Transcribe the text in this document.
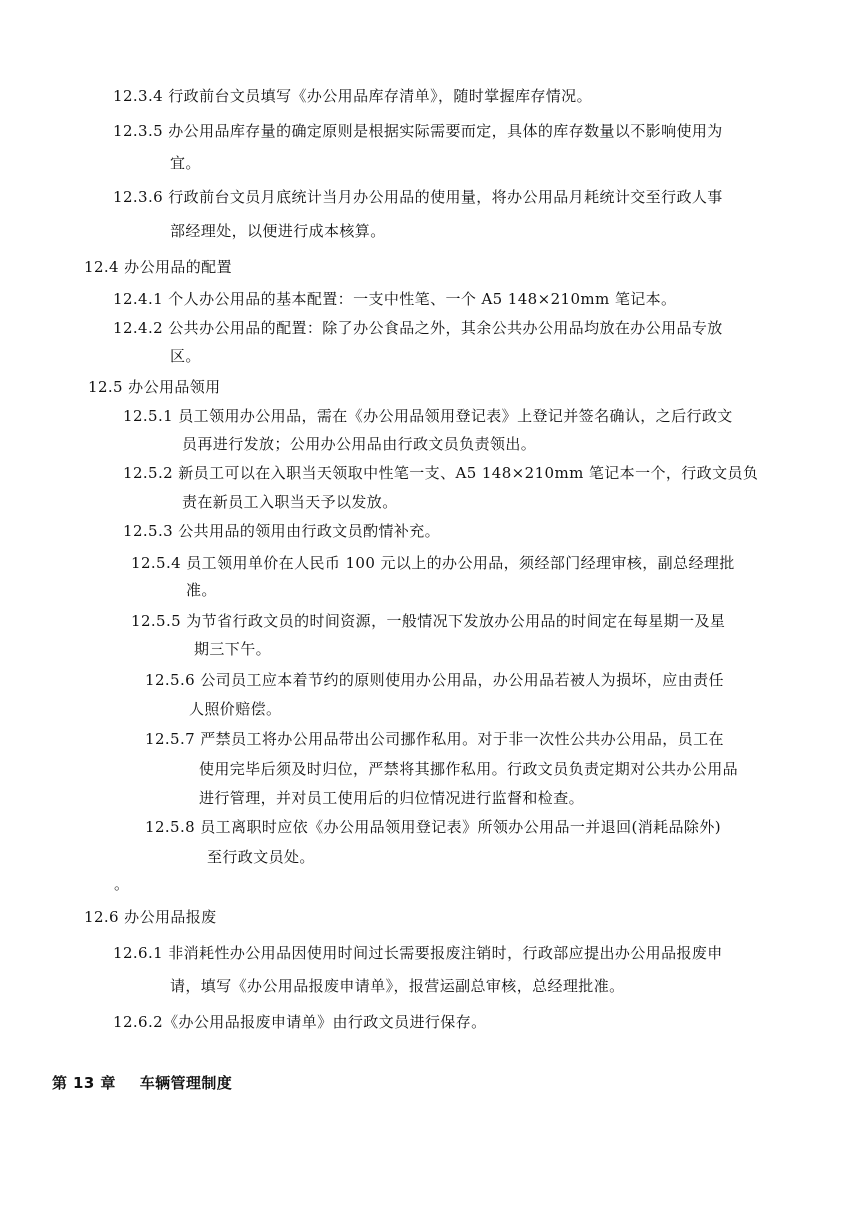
12.3.4 行政前台文员填写《办公用品库存清单》，随时掌握库存情况。
12.3.5 办公用品库存量的确定原则是根据实际需要而定，具体的库存数量以不影响使用为
宜。
12.3.6 行政前台文员月底统计当月办公用品的使用量，将办公用品月耗统计交至行政人事
部经理处，以便进行成本核算。
12.4 办公用品的配置
12.4.1 个人办公用品的基本配置：一支中性笔、一个 A5 148×210mm 笔记本。
12.4.2 公共办公用品的配置：除了办公食品之外，其余公共办公用品均放在办公用品专放
区。
12.5 办公用品领用
12.5.1 员工领用办公用品，需在《办公用品领用登记表》上登记并签名确认，之后行政文
员再进行发放；公用办公用品由行政文员负责领出。
12.5.2 新员工可以在入职当天领取中性笔一支、A5 148×210mm 笔记本一个，行政文员负
责在新员工入职当天予以发放。
12.5.3 公共用品的领用由行政文员酌情补充。
12.5.4 员工领用单价在人民币 100 元以上的办公用品，须经部门经理审核，副总经理批
准。
12.5.5 为节省行政文员的时间资源，一般情况下发放办公用品的时间定在每星期一及星
期三下午。
12.5.6 公司员工应本着节约的原则使用办公用品，办公用品若被人为损坏，应由责任
人照价赔偿。
12.5.7 严禁员工将办公用品带出公司挪作私用。对于非一次性公共办公用品，员工在
使用完毕后须及时归位，严禁将其挪作私用。行政文员负责定期对公共办公用品
进行管理，并对员工使用后的归位情况进行监督和检查。
12.5.8 员工离职时应依《办公用品领用登记表》所领办公用品一并退回(消耗品除外)
至行政文员处。
。
12.6 办公用品报废
12.6.1 非消耗性办公用品因使用时间过长需要报废注销时，行政部应提出办公用品报废申
请，填写《办公用品报废申请单》，报营运副总审核，总经理批准。
12.6.2《办公用品报废申请单》由行政文员进行保存。
第 13 章 车辆管理制度
